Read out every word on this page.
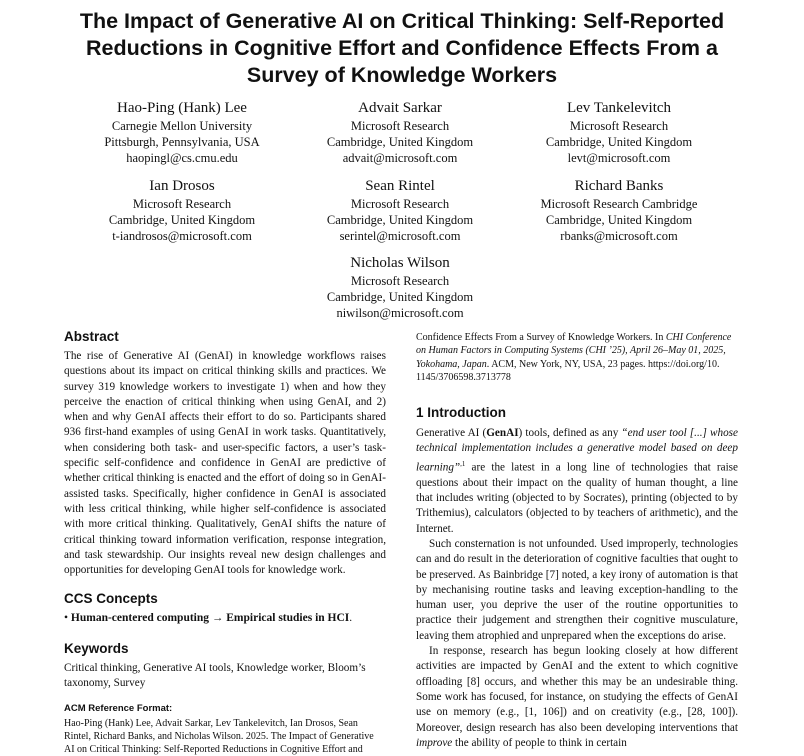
The Impact of Generative AI on Critical Thinking: Self-Reported
Reductions in Cognitive Effort and Confidence Effects From a
Survey of Knowledge Workers
Hao-Ping (Hank) Lee
Carnegie Mellon University
Pittsburgh, Pennsylvania, USA
haopingl@cs.cmu.edu
Advait Sarkar
Microsoft Research
Cambridge, United Kingdom
advait@microsoft.com
Lev Tankelevitch
Microsoft Research
Cambridge, United Kingdom
levt@microsoft.com
Ian Drosos
Microsoft Research
Cambridge, United Kingdom
t-iandrosos@microsoft.com
Sean Rintel
Microsoft Research
Cambridge, United Kingdom
serintel@microsoft.com
Richard Banks
Microsoft Research Cambridge
Cambridge, United Kingdom
rbanks@microsoft.com
Nicholas Wilson
Microsoft Research
Cambridge, United Kingdom
niwilson@microsoft.com
Abstract

The rise of Generative AI (GenAI) in knowledge workflows raises questions about its impact on critical thinking skills and practices. We survey 319 knowledge workers to investigate 1) when and how they perceive the enaction of critical thinking when using GenAI, and 2) when and why GenAI affects their effort to do so. Participants shared 936 first-hand examples of using GenAI in work tasks. Quantitatively, when considering both task- and user-specific factors, a user’s task-specific self-confidence and confidence in GenAI are predictive of whether critical thinking is enacted and the effort of doing so in GenAI-assisted tasks. Specifically, higher confidence in GenAI is associated with less critical thinking, while higher self-confidence is associated with more critical thinking. Qualitatively, GenAI shifts the nature of critical thinking toward information verification, response integration, and task stewardship. Our insights reveal new design challenges and opportunities for developing GenAI tools for knowledge work.

CCS Concepts

• Human-centered computing → Empirical studies in HCI.

Keywords

Critical thinking, Generative AI tools, Knowledge worker, Bloom’s taxonomy, Survey

ACM Reference Format:

Hao-Ping (Hank) Lee, Advait Sarkar, Lev Tankelevitch, Ian Drosos, Sean
Rintel, Richard Banks, and Nicholas Wilson. 2025. The Impact of Generative
AI on Critical Thinking: Self-Reported Reductions in Cognitive Effort and

Confidence Effects From a Survey of Knowledge Workers. In CHI Conference
on Human Factors in Computing Systems (CHI ’25), April 26–May 01, 2025,
Yokohama, Japan. ACM, New York, NY, USA, 23 pages. https://doi.org/10.
1145/3706598.3713778

1 Introduction

Generative AI (GenAI) tools, defined as any “end user tool [...] whose technical implementation includes a generative model based on deep learning”$^{,1}$ are the latest in a long line of technologies that raise questions about their impact on the quality of human thought, a line that includes writing (objected to by Socrates), printing (objected to by Trithemius), calculators (objected to by teachers of arithmetic), and the Internet.

Such consternation is not unfounded. Used improperly, technologies can and do result in the deterioration of cognitive faculties that ought to be preserved. As Bainbridge [7] noted, a key irony of automation is that by mechanising routine tasks and leaving exception-handling to the human user, you deprive the user of the routine opportunities to practice their judgement and strengthen their cognitive musculature, leaving them atrophied and unprepared when the exceptions do arise.

In response, research has begun looking closely at how different activities are impacted by GenAI and the extent to which cognitive offloading [8] occurs, and whether this may be an undesirable thing. Some work has focused, for instance, on studying the effects of GenAI use on memory (e.g., [1, 106]) and on creativity (e.g., [28, 100]). Moreover, design research has also been developing interventions that improve the ability of people to think in certain
